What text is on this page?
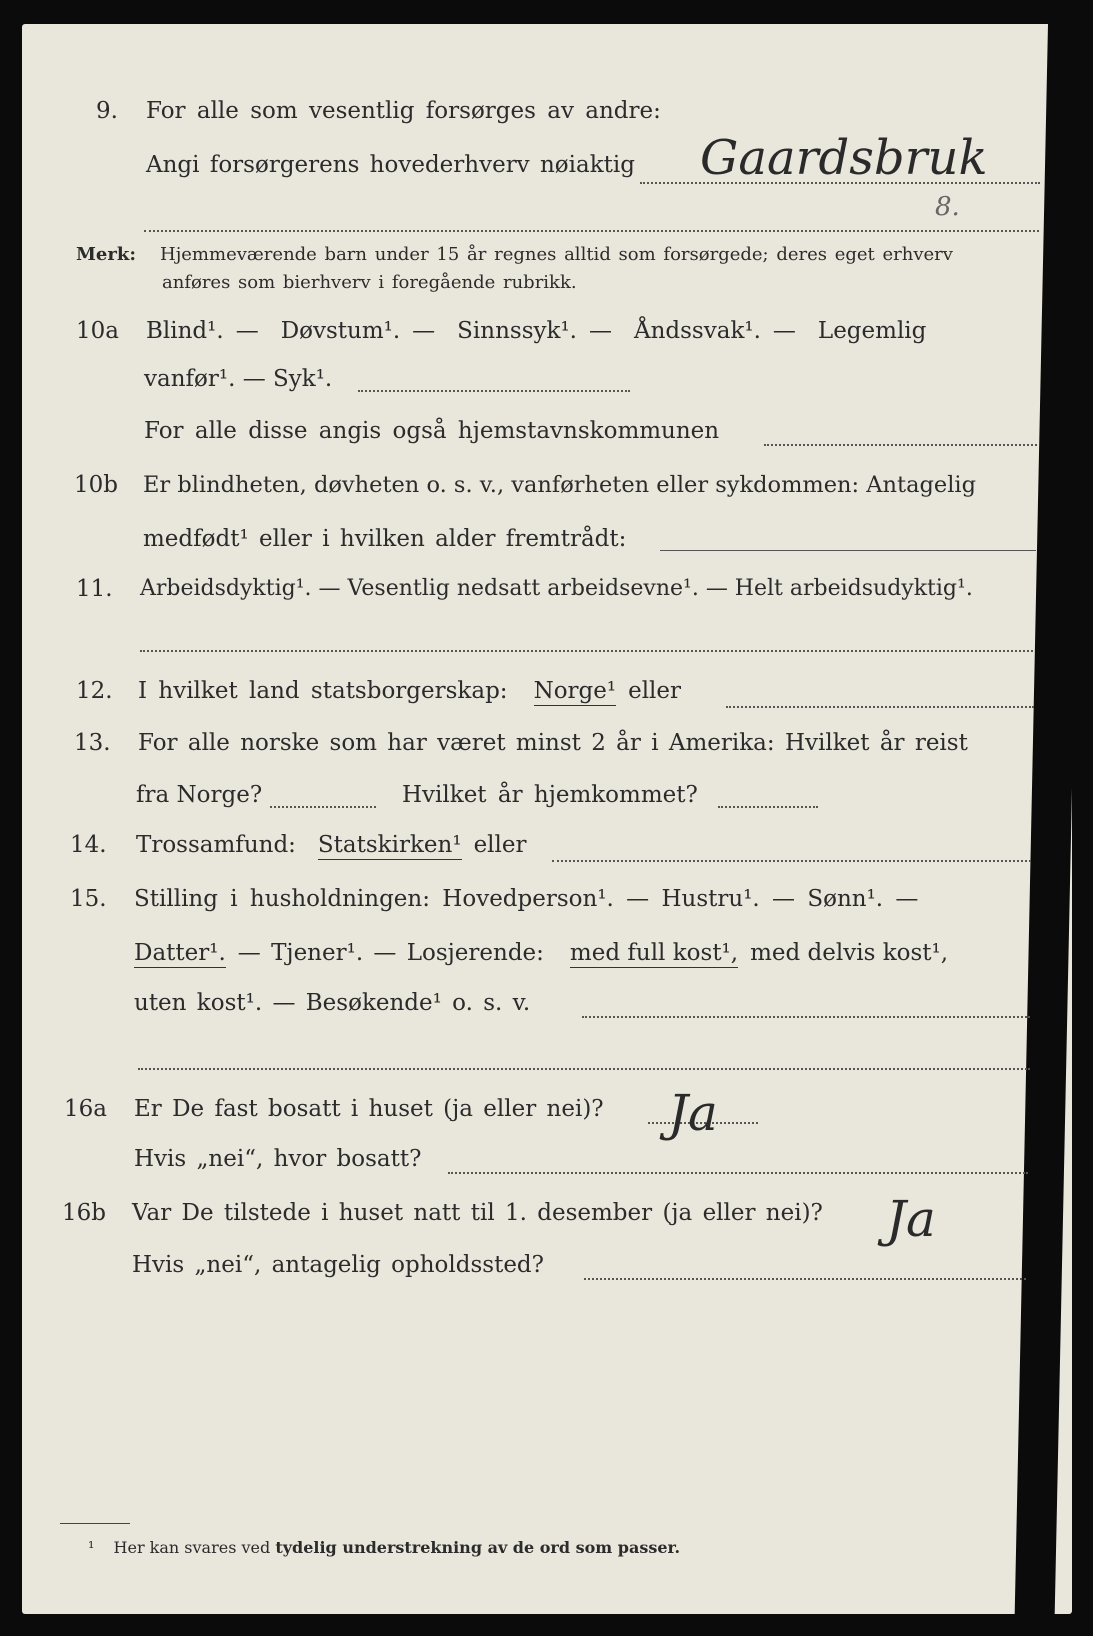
9. For alle som vesentlig forsørges av andre:
Angi forsørgerens hovederhverv nøiaktig Gaardsbruk
8.
Merk: Hjemmeværende barn under 15 år regnes alltid som forsørgede; deres eget erhverv
anføres som bierhverv i foregående rubrikk.
10a Blind¹. — Døvstum¹. — Sinnssyk¹. — Åndssvak¹. — Legemlig
vanfør¹. — Syk¹.
For alle disse angis også hjemstavnskommunen
10b Er blindheten, døvheten o. s. v., vanførheten eller sykdommen: Antagelig
medfødt¹ eller i hvilken alder fremtrådt:
11. Arbeidsdyktig¹. — Vesentlig nedsatt arbeidsevne¹. — Helt arbeidsudyktig¹.
12. I hvilket land statsborgerskap: Norge¹ eller
13. For alle norske som har været minst 2 år i Amerika: Hvilket år reist
fra Norge?	Hvilket år hjemkommet?
14. Trossamfund: Statskirken¹ eller
15. Stilling i husholdningen: Hovedperson¹. — Hustru¹. — Sønn¹. —
Datter¹. — Tjener¹. — Losjerende: med full kost¹, med delvis kost¹,
uten kost¹. — Besøkende¹ o. s. v.
16a Er De fast bosatt i huset (ja eller nei)? Ja
Hvis „nei“, hvor bosatt?
16b Var De tilstede i huset natt til 1. desember (ja eller nei)? Ja
Hvis „nei“, antagelig opholdssted?
¹ Her kan svares ved tydelig understrekning av de ord som passer.
